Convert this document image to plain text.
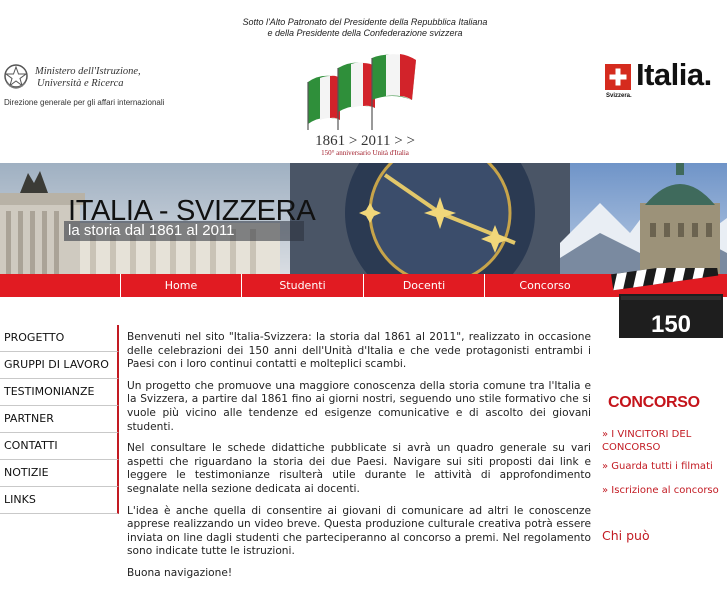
Sotto l'Alto Patronato del Presidente della Repubblica Italiana
e della Presidente della Confederazione svizzera
Ministero dell'Istruzione,
Università e Ricerca
Direzione generale per gli affari internazionali
1861 > 2011 > >
150° anniversario Unità d'Italia
Italia.
Svizzera.
ITALIA - SVIZZERA
la storia dal 1861 al 2011
Home	Studenti	Docenti	Concorso
150
PROGETTO
GRUPPI DI LAVORO
TESTIMONIANZE
PARTNER
CONTATTI
NOTIZIE
LINKS

Benvenuti nel sito "Italia-Svizzera: la storia dal 1861 al 2011", realizzato in occasione delle celebrazioni dei 150 anni dell'Unità d'Italia e che vede protagonisti entrambi i Paesi con i loro continui contatti e molteplici scambi.

Un progetto che promuove una maggiore conoscenza della storia comune tra l'Italia e la Svizzera, a partire dal 1861 fino ai giorni nostri, seguendo uno stile formativo che si vuole più vicino alle tendenze ed esigenze comunicative e di ascolto dei giovani studenti.

Nel consultare le schede didattiche pubblicate si avrà un quadro generale su vari aspetti che riguardano la storia dei due Paesi. Navigare sui siti proposti dai link e leggere le testimonianze risulterà utile durante le attività di approfondimento segnalate nella sezione dedicata ai docenti.

L'idea è anche quella di consentire ai giovani di comunicare ad altri le conoscenze apprese realizzando un video breve. Questa produzione culturale creativa potrà essere inviata on line dagli studenti che parteciperanno al concorso a premi. Nel regolamento sono indicate tutte le istruzioni.

Buona navigazione!

CONCORSO
» I VINCITORI DEL CONCORSO
» Guarda tutti i filmati
» Iscrizione al concorso
Chi può
